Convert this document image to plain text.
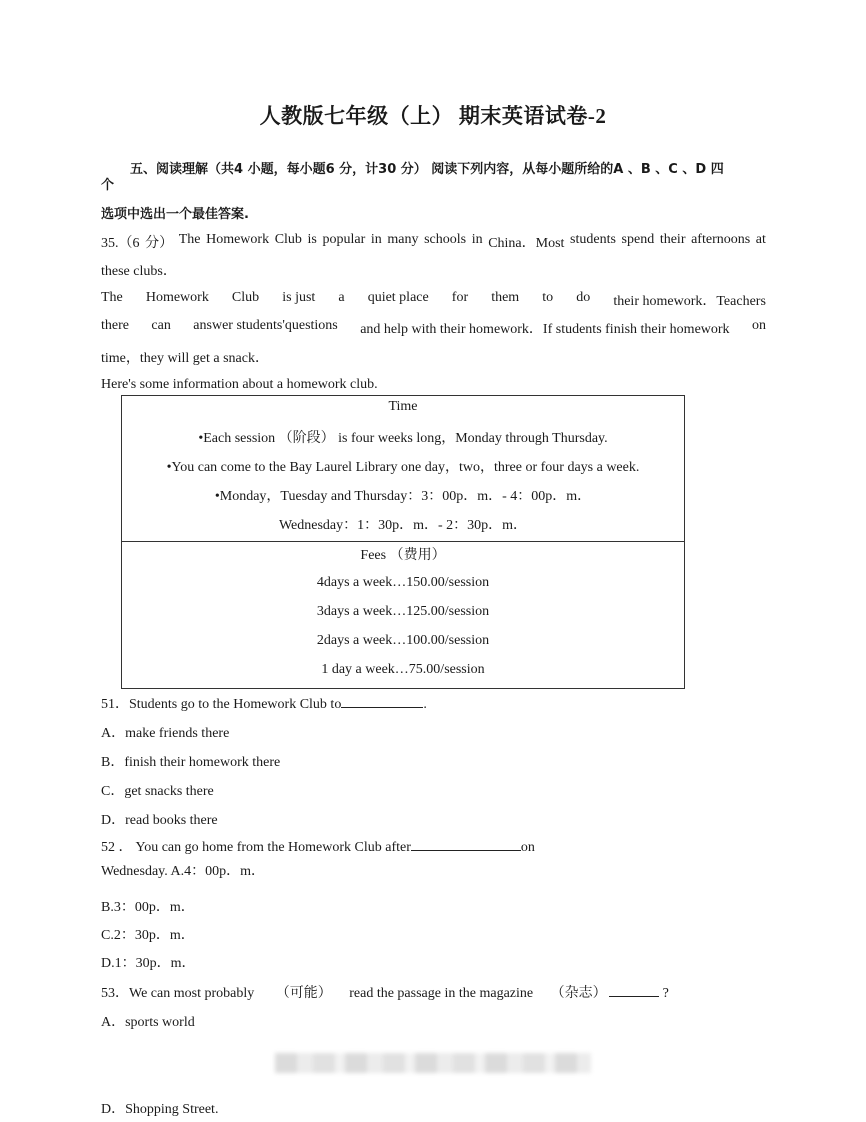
人教版七年级（上） 期末英语试卷-2
五、阅读理解（共4 小题，每小题6 分，计30 分） 阅读下列内容，从每小题所给的A 、B 、C 、D 四
个
选项中选出一个最佳答案.
35.（6 分） The Homework Club is popular in many schools in China．Most students spend their afternoons at
these clubs．
The Homework Club is just a quiet place for them to do their homework．Teachers
there can answer students'questions and help with their homework．If students finish their homework on
time，they will get a snack．
Here's some information about a homework club.
Time
•Each session （阶段） is four weeks long，Monday through Thursday.
•You can come to the Bay Laurel Library one day，two，three or four days a week.
•Monday，Tuesday and Thursday：3：00p．m．- 4：00p．m．
Wednesday：1：30p．m．- 2：30p．m．
Fees （费用）
4days a week…150.00/session
3days a week…125.00/session
2days a week…100.00/session
1 day a week…75.00/session
51．Students go to the Homework Club to	.
A．make friends there
B．finish their homework there
C．get snacks there
D．read books there
52 ． You can go home from the Homework Club after	on
Wednesday. A.4：00p．m．
B.3：00p．m．
C.2：30p．m．
D.1：30p．m．
53．We can most probably （可能） read the passage in the magazine （杂志）	?
A．sports world
D．Shopping Street.
